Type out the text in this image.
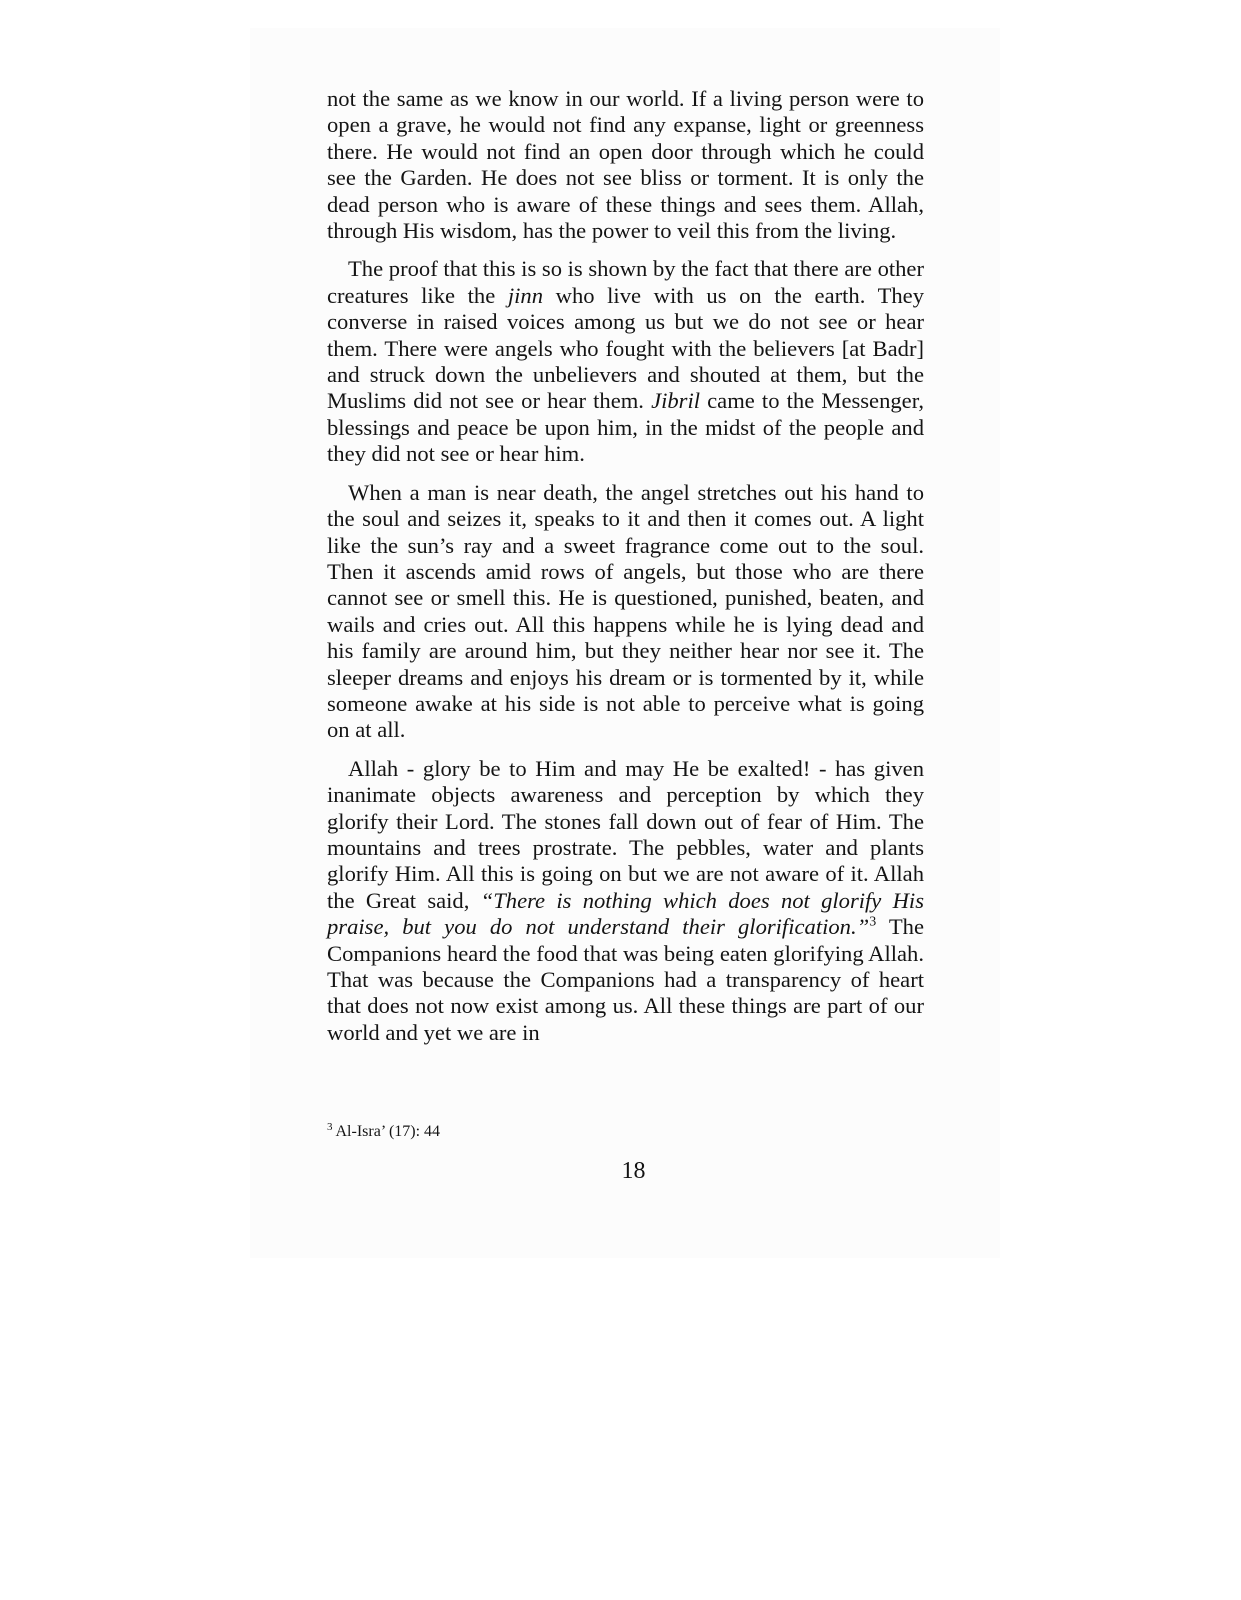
not the same as we know in our world. If a living person were to open a grave, he would not find any expanse, light or greenness there. He would not find an open door through which he could see the Garden. He does not see bliss or torment. It is only the dead person who is aware of these things and sees them. Allah, through His wisdom, has the power to veil this from the living.

The proof that this is so is shown by the fact that there are other creatures like the jinn who live with us on the earth. They converse in raised voices among us but we do not see or hear them. There were angels who fought with the believers [at Badr] and struck down the unbelievers and shouted at them, but the Muslims did not see or hear them. Jibril came to the Messenger, blessings and peace be upon him, in the midst of the people and they did not see or hear him.

When a man is near death, the angel stretches out his hand to the soul and seizes it, speaks to it and then it comes out. A light like the sun’s ray and a sweet fragrance come out to the soul. Then it ascends amid rows of angels, but those who are there cannot see or smell this. He is questioned, punished, beaten, and wails and cries out. All this happens while he is lying dead and his family are around him, but they neither hear nor see it. The sleeper dreams and enjoys his dream or is tormented by it, while someone awake at his side is not able to perceive what is going on at all.

Allah - glory be to Him and may He be exalted! - has given inanimate objects awareness and perception by which they glorify their Lord. The stones fall down out of fear of Him. The mountains and trees prostrate. The pebbles, water and plants glorify Him. All this is going on but we are not aware of it. Allah the Great said, “There is nothing which does not glorify His praise, but you do not understand their glorification.”$^3$ The Companions heard the food that was being eaten glorifying Allah. That was because the Companions had a transparency of heart that does not now exist among us. All these things are part of our world and yet we are in

$^3$ Al-Isra’ (17): 44
18
